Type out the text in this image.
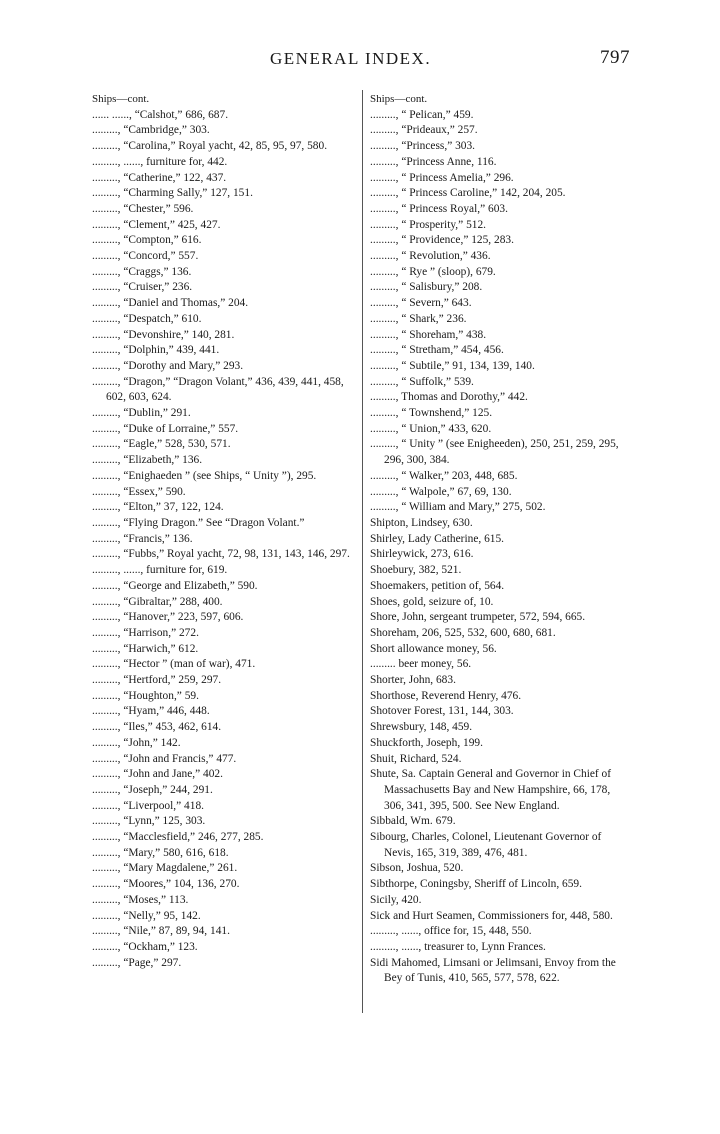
GENERAL INDEX.	797
Ships—cont.
...... ......, “Calshot,” 686, 687.
........., “Cambridge,” 303.
........., “Carolina,” Royal yacht, 42, 85, 95, 97, 580.
........., ......, furniture for, 442.
........., “Catherine,” 122, 437.
........., “Charming Sally,” 127, 151.
........., “Chester,” 596.
........., “Clement,” 425, 427.
........., “Compton,” 616.
........., “Concord,” 557.
........., “Craggs,” 136.
........., “Cruiser,” 236.
........., “Daniel and Thomas,” 204.
........., “Despatch,” 610.
........., “Devonshire,” 140, 281.
........., “Dolphin,” 439, 441.
........., “Dorothy and Mary,” 293.
........., “Dragon,” “Dragon Volant,” 436, 439, 441, 458, 602, 603, 624.
........., “Dublin,” 291.
........., “Duke of Lorraine,” 557.
........., “Eagle,” 528, 530, 571.
........., “Elizabeth,” 136.
........., “Enighaeden ” (see Ships, “ Unity ”), 295.
........., “Essex,” 590.
........., “Elton,” 37, 122, 124.
........., “Flying Dragon.” See “Dragon Volant.”
........., “Francis,” 136.
........., “Fubbs,” Royal yacht, 72, 98, 131, 143, 146, 297.
........., ......, furniture for, 619.
........., “George and Elizabeth,” 590.
........., “Gibraltar,” 288, 400.
........., “Hanover,” 223, 597, 606.
........., “Harrison,” 272.
........., “Harwich,” 612.
........., “Hector ” (man of war), 471.
........., “Hertford,” 259, 297.
........., “Houghton,” 59.
........., “Hyam,” 446, 448.
........., “Iles,” 453, 462, 614.
........., “John,” 142.
........., “John and Francis,” 477.
........., “John and Jane,” 402.
........., “Joseph,” 244, 291.
........., “Liverpool,” 418.
........., “Lynn,” 125, 303.
........., “Macclesfield,” 246, 277, 285.
........., “Mary,” 580, 616, 618.
........., “Mary Magdalene,” 261.
........., “Moores,” 104, 136, 270.
........., “Moses,” 113.
........., “Nelly,” 95, 142.
........., “Nile,” 87, 89, 94, 141.
........., “Ockham,” 123.
........., “Page,” 297.
Ships—cont.
........., “ Pelican,” 459.
........., “Prideaux,” 257.
........., “Princess,” 303.
........., “Princess Anne, 116.
........., “ Princess Amelia,” 296.
........., “ Princess Caroline,” 142, 204, 205.
........., “ Princess Royal,” 603.
........., “ Prosperity,” 512.
........., “ Providence,” 125, 283.
........., “ Revolution,” 436.
........., “ Rye ” (sloop), 679.
........., “ Salisbury,” 208.
........., “ Severn,” 643.
........., “ Shark,” 236.
........., “ Shoreham,” 438.
........., “ Stretham,” 454, 456.
........., “ Subtile,” 91, 134, 139, 140.
........., “ Suffolk,” 539.
........., Thomas and Dorothy,” 442.
........., “ Townshend,” 125.
........., “ Union,” 433, 620.
........., “ Unity ” (see Enigheeden), 250, 251, 259, 295, 296, 300, 384.
........., “ Walker,” 203, 448, 685.
........., “ Walpole,” 67, 69, 130.
........., “ William and Mary,” 275, 502.
Shipton, Lindsey, 630.
Shirley, Lady Catherine, 615.
Shirleywick, 273, 616.
Shoebury, 382, 521.
Shoemakers, petition of, 564.
Shoes, gold, seizure of, 10.
Shore, John, sergeant trumpeter, 572, 594, 665.
Shoreham, 206, 525, 532, 600, 680, 681.
Short allowance money, 56.
......... beer money, 56.
Shorter, John, 683.
Shorthose, Reverend Henry, 476.
Shotover Forest, 131, 144, 303.
Shrewsbury, 148, 459.
Shuckforth, Joseph, 199.
Shuit, Richard, 524.
Shute, Sa. Captain General and Governor in Chief of Massachusetts Bay and New Hampshire, 66, 178, 306, 341, 395, 500. See New England.
Sibbald, Wm. 679.
Sibourg, Charles, Colonel, Lieutenant Governor of Nevis, 165, 319, 389, 476, 481.
Sibson, Joshua, 520.
Sibthorpe, Coningsby, Sheriff of Lincoln, 659.
Sicily, 420.
Sick and Hurt Seamen, Commissioners for, 448, 580.
........., ......, office for, 15, 448, 550.
........., ......, treasurer to, Lynn Frances.
Sidi Mahomed, Limsani or Jelimsani, Envoy from the Bey of Tunis, 410, 565, 577, 578, 622.
